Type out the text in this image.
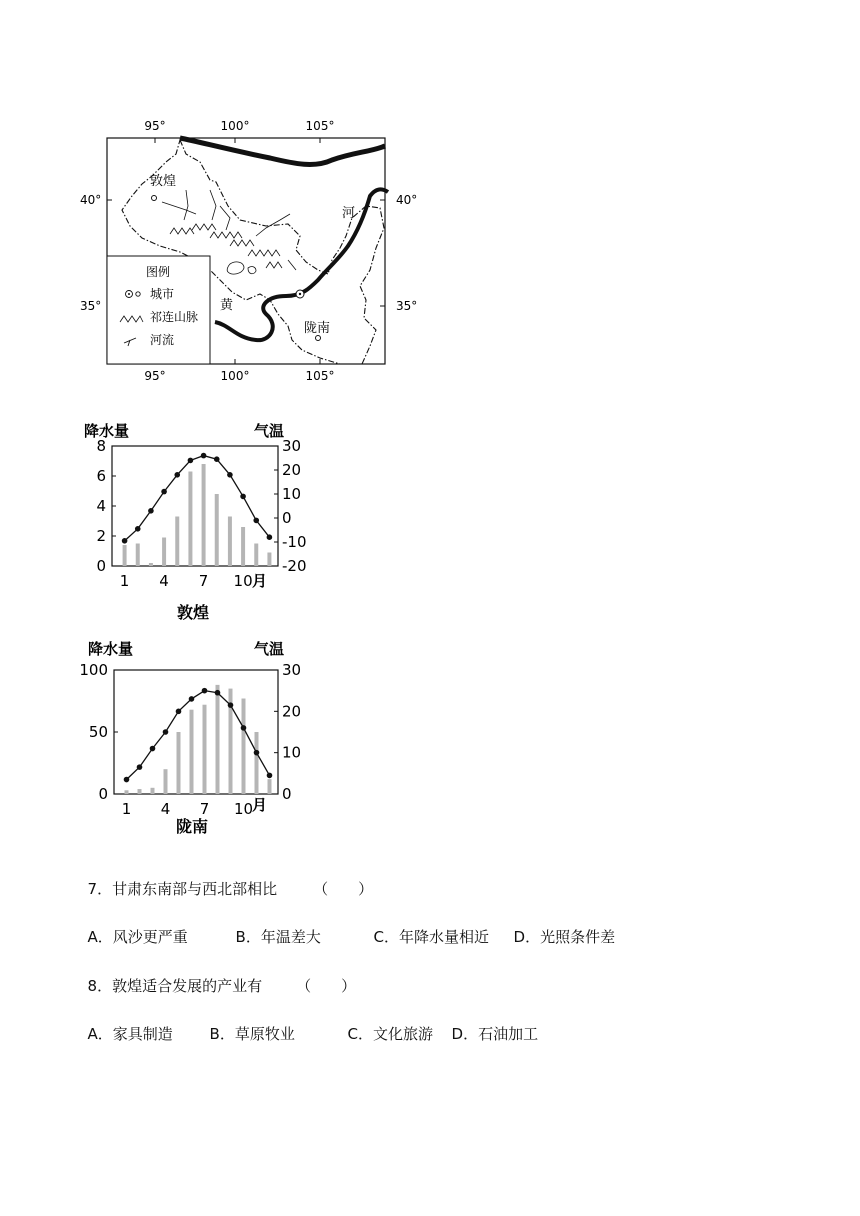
95°	100°	105°
95°	100°	105°
40°
35°
40°
35°
敦煌
陇南
河
黄
图例
城市
祁连山脉
河流
降水量	气温
0
2
4
6
8
-20
-10
0
10
20
30
1 4 7 10 月
敦煌
降水量	气温
0
50
100
0
10
20
30
1 4 7 10
月
陇南

7．甘肃东南部与西北部相比 （　　）

A．风沙更严重	B．年温差大	C．年降水量相近 D．光照条件差

8．敦煌适合发展的产业有 （　　）

A．家具制造 B．草原牧业	C．文化旅游 D．石油加工
